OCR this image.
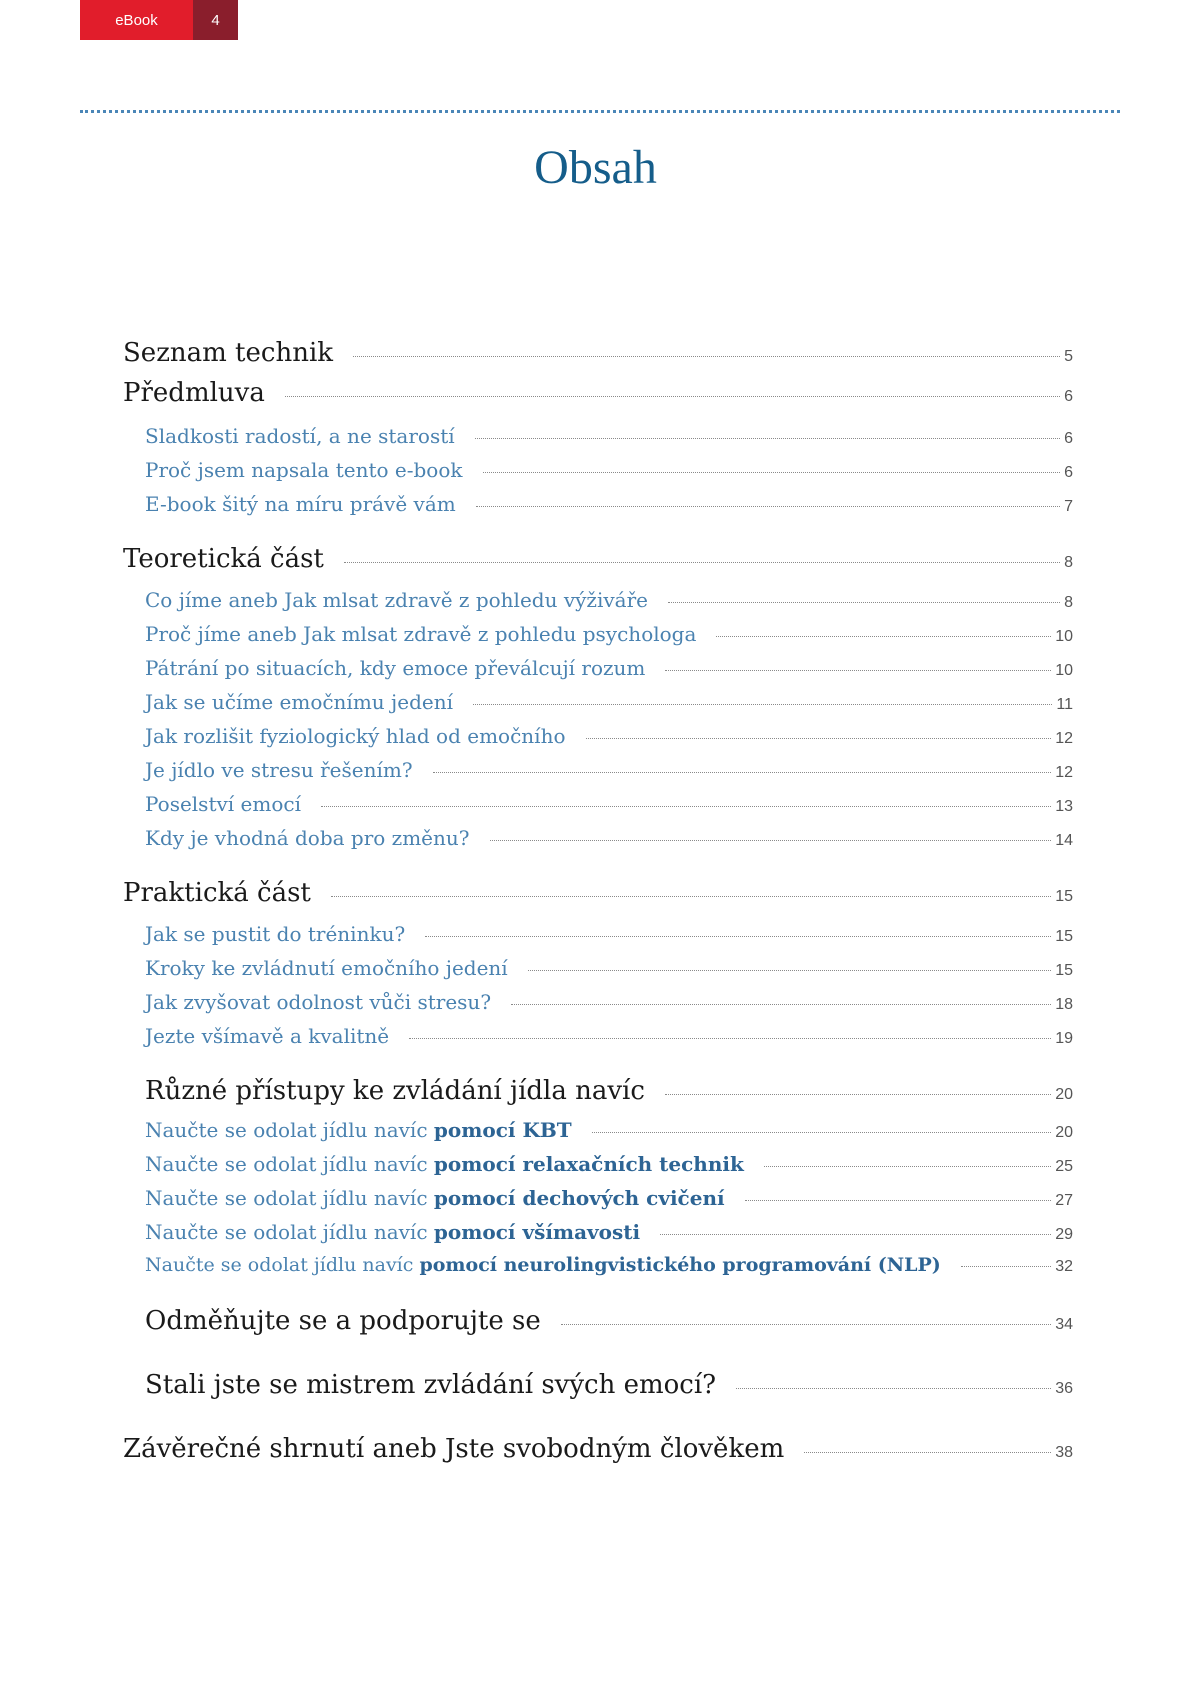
eBook	4
Obsah
Seznam technik	5
Předmluva	6
Sladkosti radostí, a ne starostí	6
Proč jsem napsala tento e-book	6
E-book šitý na míru právě vám	7
Teoretická část	8
Co jíme aneb Jak mlsat zdravě z pohledu výživáře	8
Proč jíme aneb Jak mlsat zdravě z pohledu psychologa	10
Pátrání po situacích, kdy emoce převálcují rozum	10
Jak se učíme emočnímu jedení	11
Jak rozlišit fyziologický hlad od emočního	12
Je jídlo ve stresu řešením?	12
Poselství emocí	13
Kdy je vhodná doba pro změnu?	14
Praktická část	15
Jak se pustit do tréninku?	15
Kroky ke zvládnutí emočního jedení	15
Jak zvyšovat odolnost vůči stresu?	18
Jezte všímavě a kvalitně	19
Různé přístupy ke zvládání jídla navíc	20
Naučte se odolat jídlu navíc pomocí KBT	20
Naučte se odolat jídlu navíc pomocí relaxačních technik	25
Naučte se odolat jídlu navíc pomocí dechových cvičení	27
Naučte se odolat jídlu navíc pomocí všímavosti	29
Naučte se odolat jídlu navíc pomocí neurolingvistického programování (NLP)	32
Odměňujte se a podporujte se	34
Stali jste se mistrem zvládání svých emocí?	36
Závěrečné shrnutí aneb Jste svobodným člověkem	38
